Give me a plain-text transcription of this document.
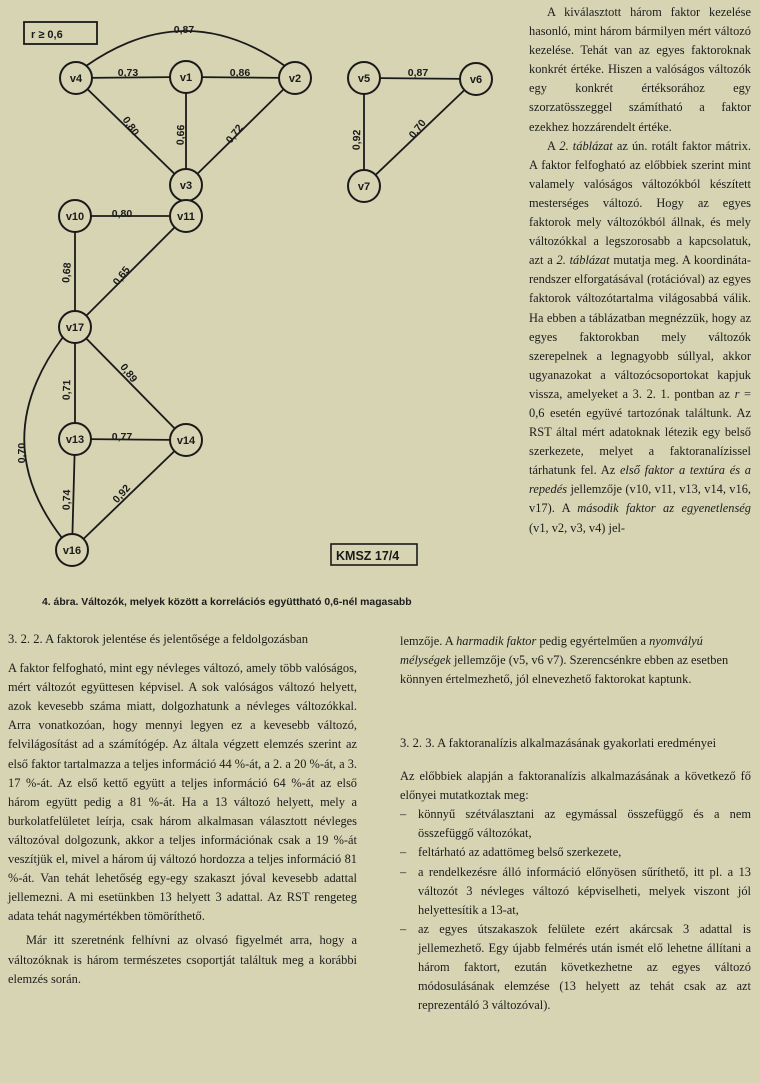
0,87
0,73	0,86
0,80	0,66	0,72
0,87
0,92	0,70
0,80
0,68	0,65
0,71
0,89
0,77
0,74	0,92
0,70
v4	v1	v2
v3
v5	v6
v7
v10	v11
v17
v13	v14
v16
r ≥ 0,6
KMSZ 17/4
4. ábra. Változók, melyek között a korrelációs együttható 0,6-nél magasabb

A kiválasztott három faktor kezelése hasonló, mint három bármilyen mért változó kezelése. Tehát van az egyes faktoroknak konkrét értéke. Hiszen a valóságos változók egy konkrét értéksorához egy szorzatösszeggel számítható a faktor ezekhez hozzárendelt értéke.

A 2. táblázat az ún. rotált faktor mátrix. A faktor felfogható az előbbiek szerint mint valamely valóságos változókból készített mesterséges változó. Hogy az egyes faktorok mely változókból állnak, és mely változókkal a legszorosabb a kapcsolatuk, azt a 2. táblázat mutatja meg. A koordináta-rendszer elforgatásával (rotációval) az egyes faktorok változótartalma világosabbá válik. Ha ebben a táblázatban megnézzük, hogy az egyes faktorokban mely változók szerepelnek a legnagyobb súllyal, akkor ugyanazokat a változócsoportokat kapjuk vissza, amelyeket a 3. 2. 1. pontban az r = 0,6 esetén együvé tartozónak találtunk. Az RST által mért adatoknak létezik egy belső szerkezete, melyet a faktoranalízissel tárhatunk fel. Az első faktor a textúra és a repedés jellemzője (v10, v11, v13, v14, v16, v17). A második faktor az egyenetlenség (v1, v2, v3, v4) jel-

lemzője. A harmadik faktor pedig egyértelműen a nyomvályú mélységek jellemzője (v5, v6 v7). Szerencsénkre ebben az esetben könnyen értelmezhető, jól elnevezhető faktorokat kaptunk.

3. 2. 2. A faktorok jelentése és jelentősége a feldolgozásban

A faktor felfogható, mint egy névleges változó, amely több valóságos, mért változót együttesen képvisel. A sok valóságos változó helyett, azok kevesebb száma miatt, dolgozhatunk a névleges változókkal. Arra vonatkozóan, hogy mennyi legyen ez a kevesebb változó, felvilágosítást ad a számítógép. Az általa végzett elemzés szerint az első faktor tartalmazza a teljes információ 44 %-át, a 2. a 20 %-át, a 3. 17 %-át. Az első kettő együtt a teljes információ 64 %-át az első három együtt pedig a 81 %-át. Ha a 13 változó helyett, mely a burkolatfelületet leírja, csak három alkalmasan választott névleges változóval dolgozunk, akkor a teljes információnak csak a 19 %-át veszítjük el, mivel a három új változó hordozza a teljes információ 81 %-át. Van tehát lehetőség egy-egy szakaszt jóval kevesebb adattal jellemezni. A mi esetünkben 13 helyett 3 adattal. Az RST rengeteg adata tehát nagymértékben tömöríthető.

Már itt szeretnénk felhívni az olvasó figyelmét arra, hogy a változóknak is három természetes csoportját találtuk meg a korábbi elemzés során.

3. 2. 3. A faktoranalízis alkalmazásának gyakorlati eredményei

Az előbbiek alapján a faktoranalízis alkalmazásának a következő fő előnyei mutatkoztak meg:

– könnyű szétválasztani az egymással összefüggő és a nem összefüggő változókat,
– feltárható az adattömeg belső szerkezete,
– a rendelkezésre álló információ előnyösen sűríthető, itt pl. a 13 változót 3 névleges változó képviselheti, melyek viszont jól helyettesítik a 13-at,
– az egyes útszakaszok felülete ezért akárcsak 3 adattal is jellemezhető. Egy újabb felmérés után ismét elő lehetne állítani a három faktort, ezután következhetne az egyes változó módosulásának elemzése (13 helyett az tehát csak az azt reprezentáló 3 változóval).
